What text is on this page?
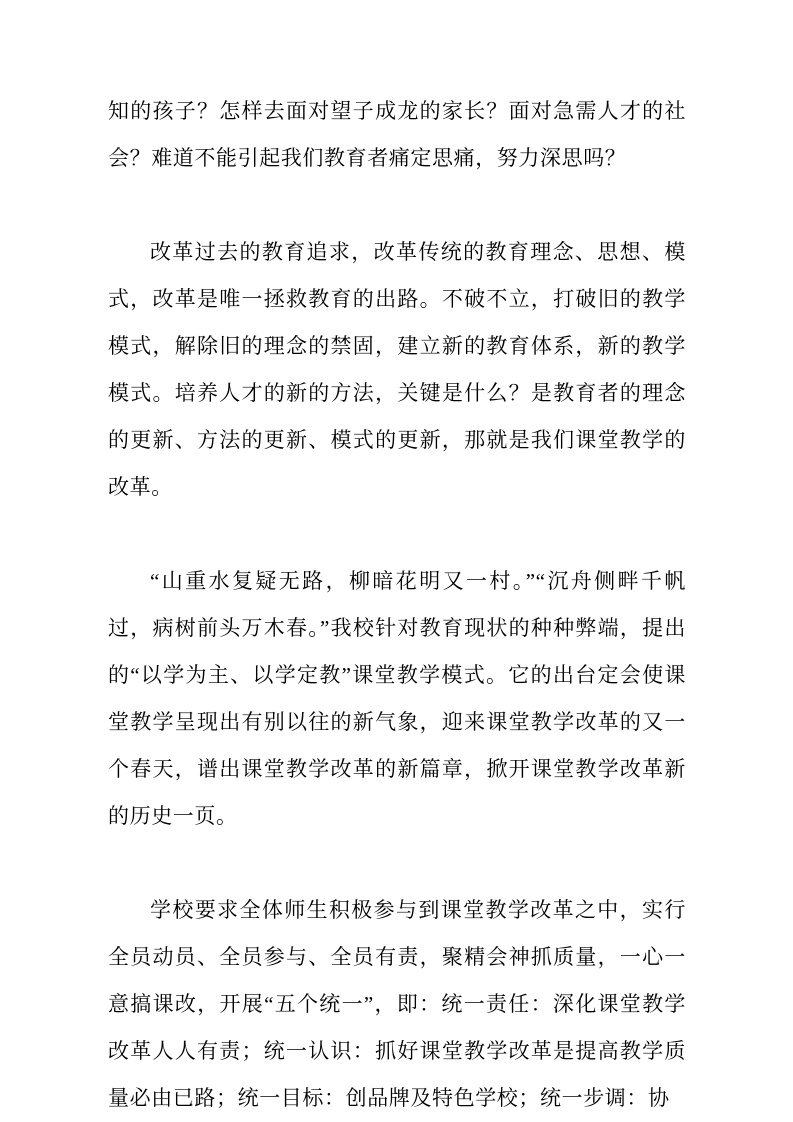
知的孩子？怎样去面对望子成龙的家长？面对急需人才的社会？难道不能引起我们教育者痛定思痛，努力深思吗？

改革过去的教育追求，改革传统的教育理念、思想、模式，改革是唯一拯救教育的出路。不破不立，打破旧的教学模式，解除旧的理念的禁固，建立新的教育体系，新的教学模式。培养人才的新的方法，关键是什么？是教育者的理念的更新、方法的更新、模式的更新，那就是我们课堂教学的改革。

“山重水复疑无路，柳暗花明又一村。”“沉舟侧畔千帆过，病树前头万木春。”我校针对教育现状的种种弊端，提出的“以学为主、以学定教”课堂教学模式。它的出台定会使课堂教学呈现出有别以往的新气象，迎来课堂教学改革的又一个春天，谱出课堂教学改革的新篇章，掀开课堂教学改革新的历史一页。

学校要求全体师生积极参与到课堂教学改革之中，实行全员动员、全员参与、全员有责，聚精会神抓质量，一心一意搞课改，开展“五个统一”，即：统一责任：深化课堂教学改革人人有责；统一认识：抓好课堂教学改革是提高教学质量必由已路；统一目标：创品牌及特色学校；统一步调：协
